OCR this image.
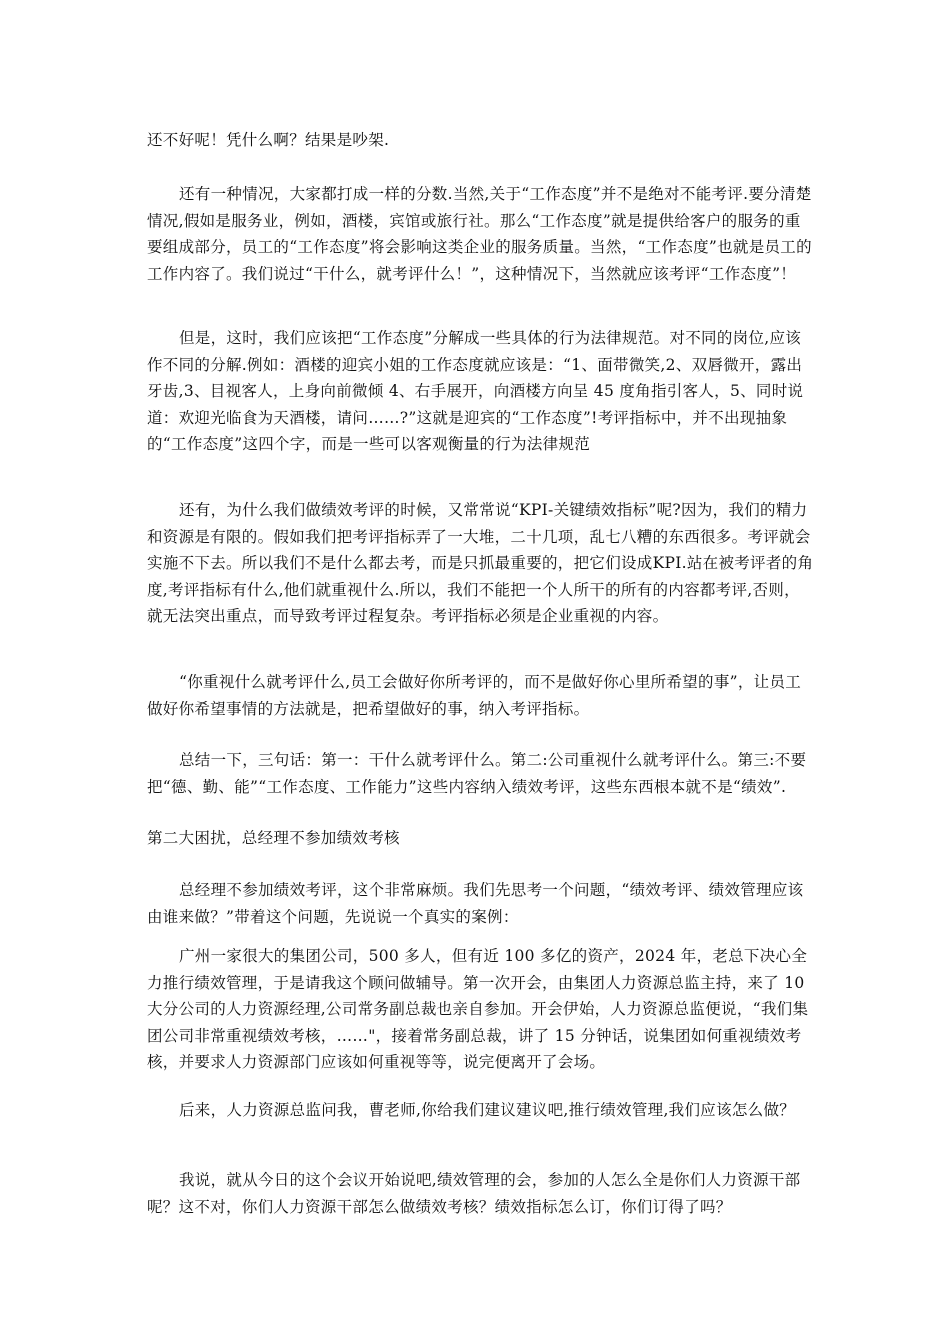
还不好呢！凭什么啊？结果是吵架.

还有一种情况，大家都打成一样的分数.当然,关于“工作态度”并不是绝对不能考评.要分清楚情况,假如是服务业，例如，酒楼，宾馆或旅行社。那么“工作态度”就是提供给客户的服务的重要组成部分，员工的“工作态度”将会影响这类企业的服务质量。当然，“工作态度”也就是员工的工作内容了。我们说过“干什么，就考评什么！”，这种情况下，当然就应该考评“工作态度”！

但是，这时，我们应该把“工作态度”分解成一些具体的行为法律规范。对不同的岗位,应该作不同的分解.例如：酒楼的迎宾小姐的工作态度就应该是：“1、面带微笑,2、双唇微开，露出牙齿,3、目视客人，上身向前微倾 4、右手展开，向酒楼方向呈 45 度角指引客人，5、同时说道：欢迎光临食为天酒楼，请问……?”这就是迎宾的“工作态度”!考评指标中，并不出现抽象的“工作态度”这四个字，而是一些可以客观衡量的行为法律规范

还有，为什么我们做绩效考评的时候，又常常说“KPI-关键绩效指标”呢?因为，我们的精力和资源是有限的。假如我们把考评指标弄了一大堆，二十几项，乱七八糟的东西很多。考评就会实施不下去。所以我们不是什么都去考，而是只抓最重要的，把它们设成KPI.站在被考评者的角度,考评指标有什么,他们就重视什么.所以，我们不能把一个人所干的所有的内容都考评,否则，就无法突出重点，而导致考评过程复杂。考评指标必须是企业重视的内容。

“你重视什么就考评什么,员工会做好你所考评的，而不是做好你心里所希望的事”，让员工做好你希望事情的方法就是，把希望做好的事，纳入考评指标。

总结一下，三句话：第一：干什么就考评什么。第二:公司重视什么就考评什么。第三:不要把“德、勤、能”“工作态度、工作能力”这些内容纳入绩效考评，这些东西根本就不是“绩效”.

第二大困扰，总经理不参加绩效考核

总经理不参加绩效考评，这个非常麻烦。我们先思考一个问题，“绩效考评、绩效管理应该由谁来做？”带着这个问题，先说说一个真实的案例：

广州一家很大的集团公司，500 多人，但有近 100 多亿的资产，2024 年，老总下决心全力推行绩效管理，于是请我这个顾问做辅导。第一次开会，由集团人力资源总监主持，来了 10 大分公司的人力资源经理,公司常务副总裁也亲自参加。开会伊始，人力资源总监便说，“我们集团公司非常重视绩效考核，……"，接着常务副总裁，讲了 15 分钟话，说集团如何重视绩效考核，并要求人力资源部门应该如何重视等等，说完便离开了会场。

后来，人力资源总监问我，曹老师,你给我们建议建议吧,推行绩效管理,我们应该怎么做？

我说，就从今日的这个会议开始说吧,绩效管理的会，参加的人怎么全是你们人力资源干部呢？这不对，你们人力资源干部怎么做绩效考核？绩效指标怎么订，你们订得了吗？
